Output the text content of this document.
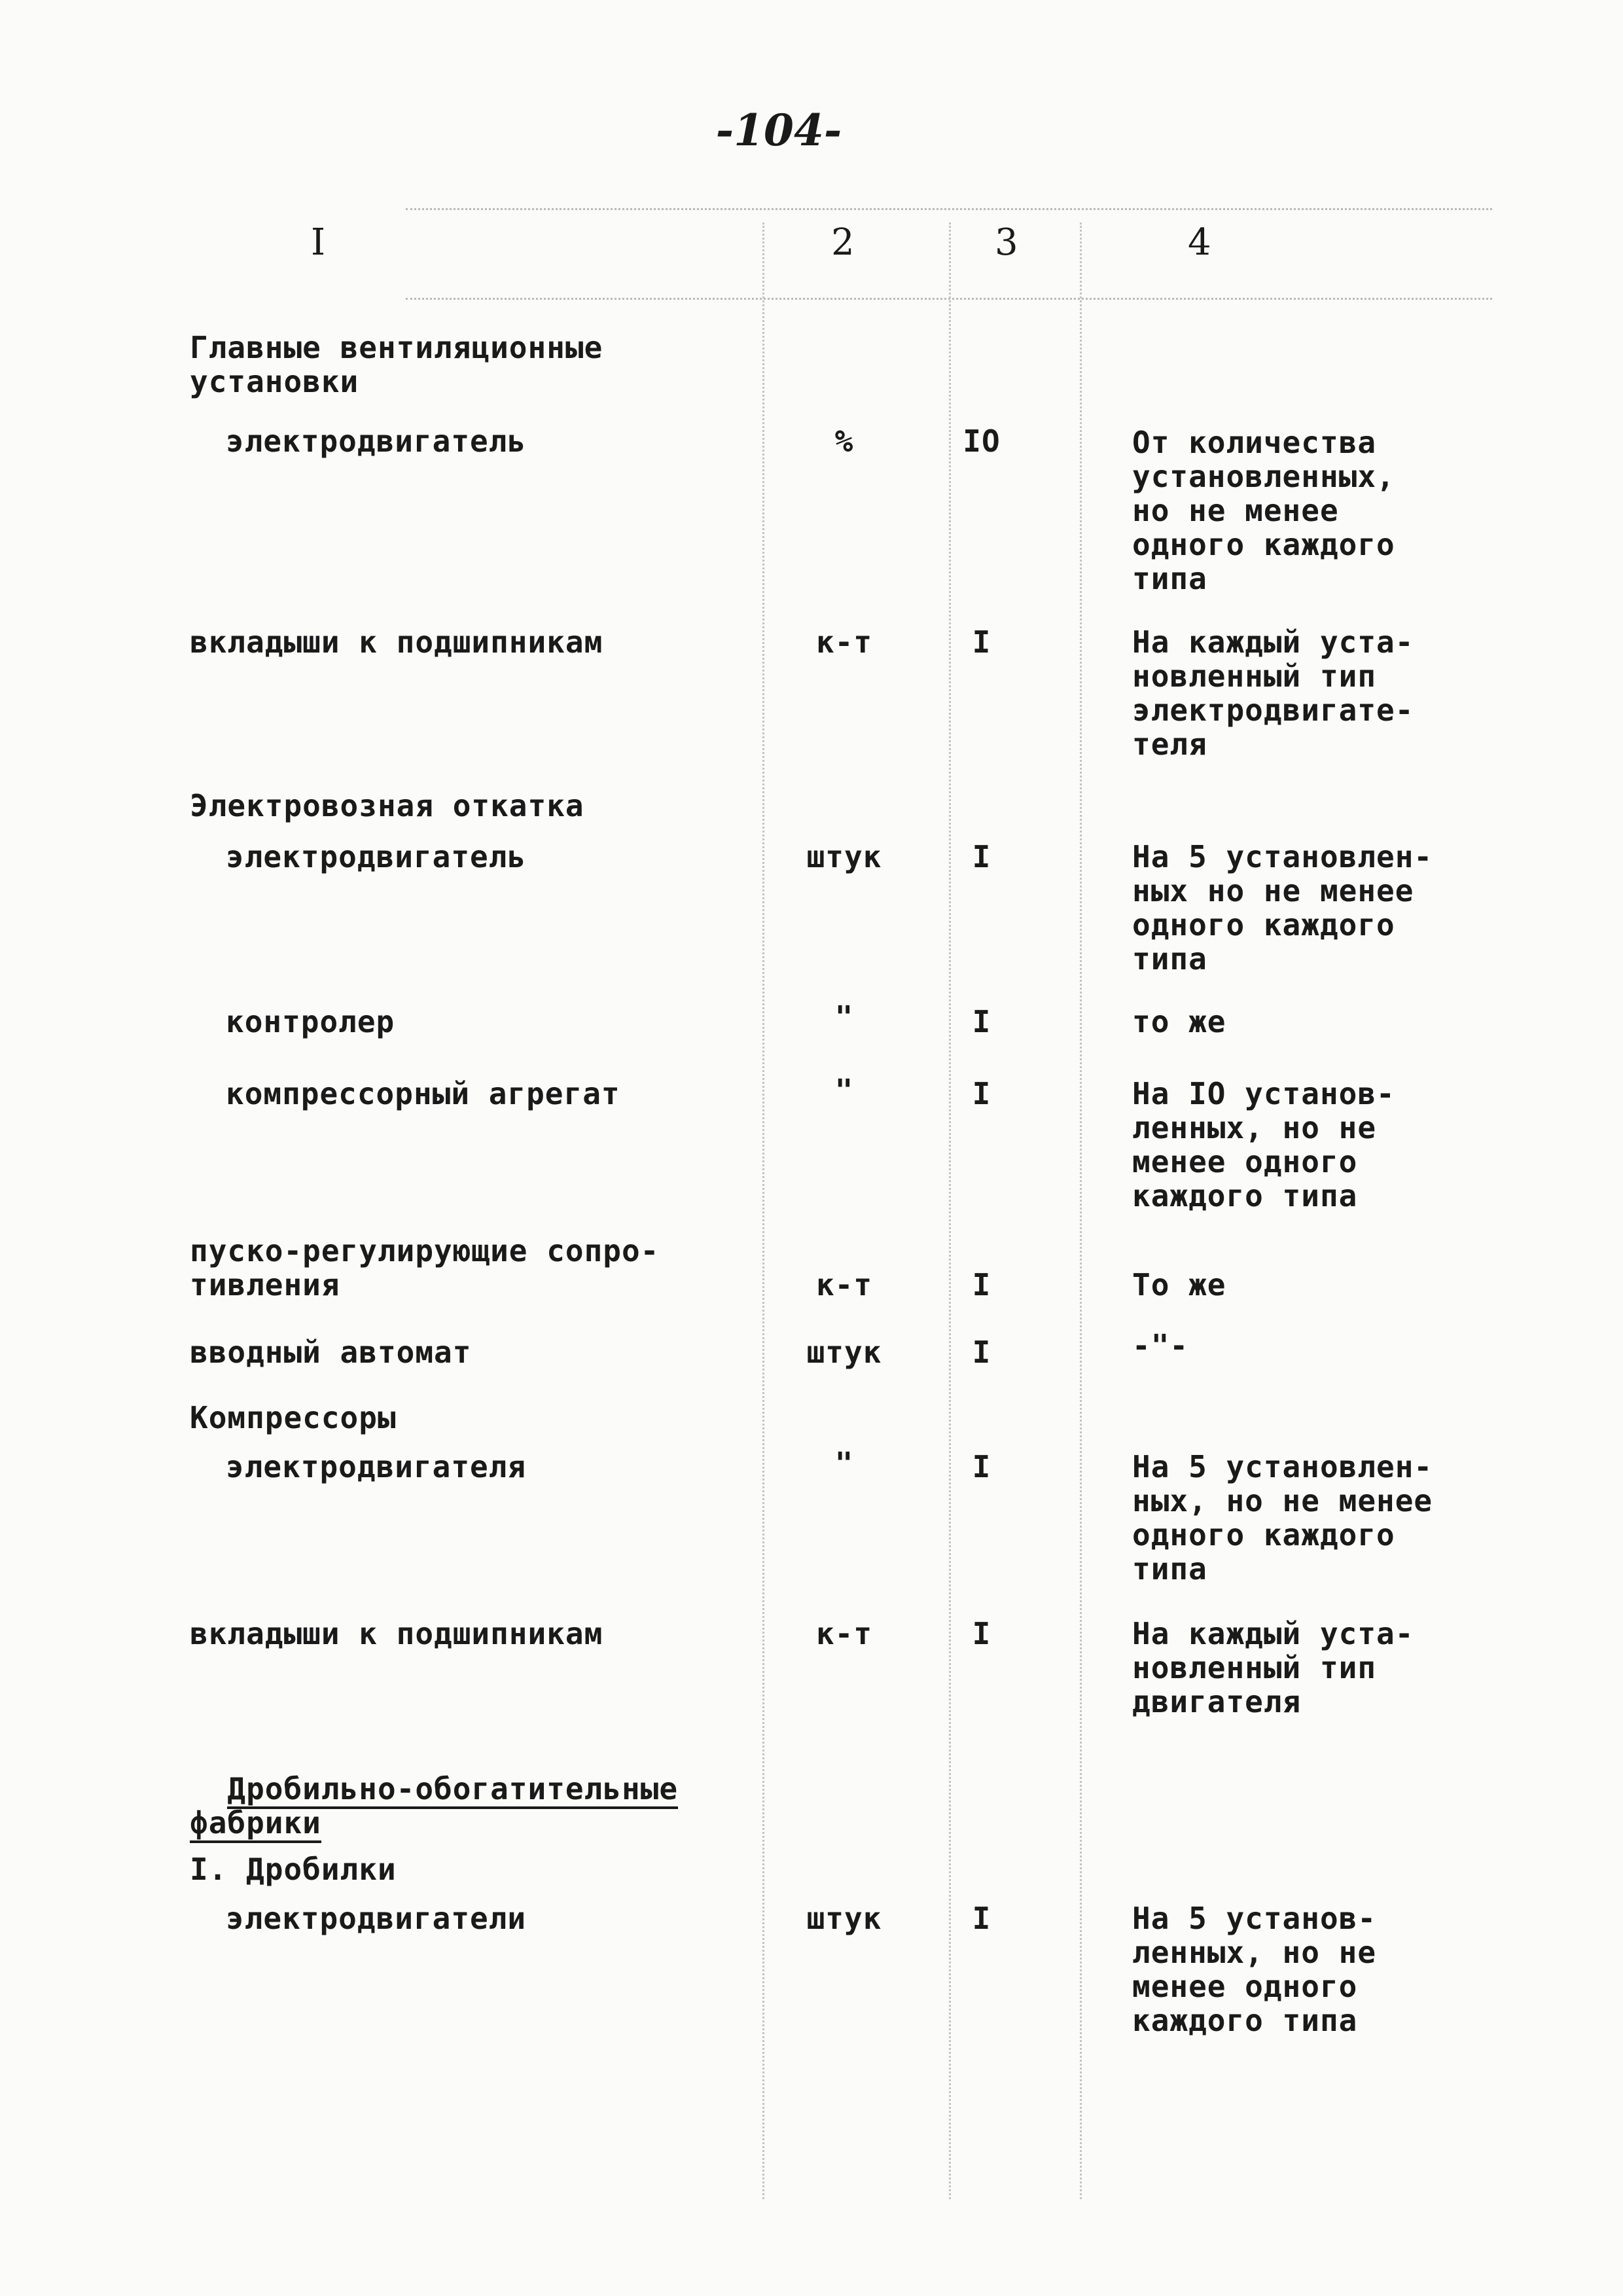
-104-
I	2	3	4
Главные вентиляционные
установки
электродвигатель	%	IO	От количества
установленных,
но не менее
одного каждого
типа
вкладыши к подшипникам	к-т	I	На каждый уста-
новленный тип
электродвигате-
теля
Электровозная откатка
электродвигатель	штук	I	На 5 установлен-
ных но не менее
одного каждого
типа
контролер	"	I	то же
компрессорный агрегат	"	I	На IO установ-
ленных, но не
менее одного
каждого типа
пуско-регулирующие сопро-
тивления	к-т	I	То же
вводный автомат	штук	I	-"-
Компрессоры
электродвигателя	"	I	На 5 установлен-
ных, но не менее
одного каждого
типа
вкладыши к подшипникам	к-т	I	На каждый уста-
новленный тип
двигателя

Дробильно-обогатительные
фабрики

I. Дробилки
электродвигатели	штук	I	На 5 установ-
ленных, но не
менее одного
каждого типа
